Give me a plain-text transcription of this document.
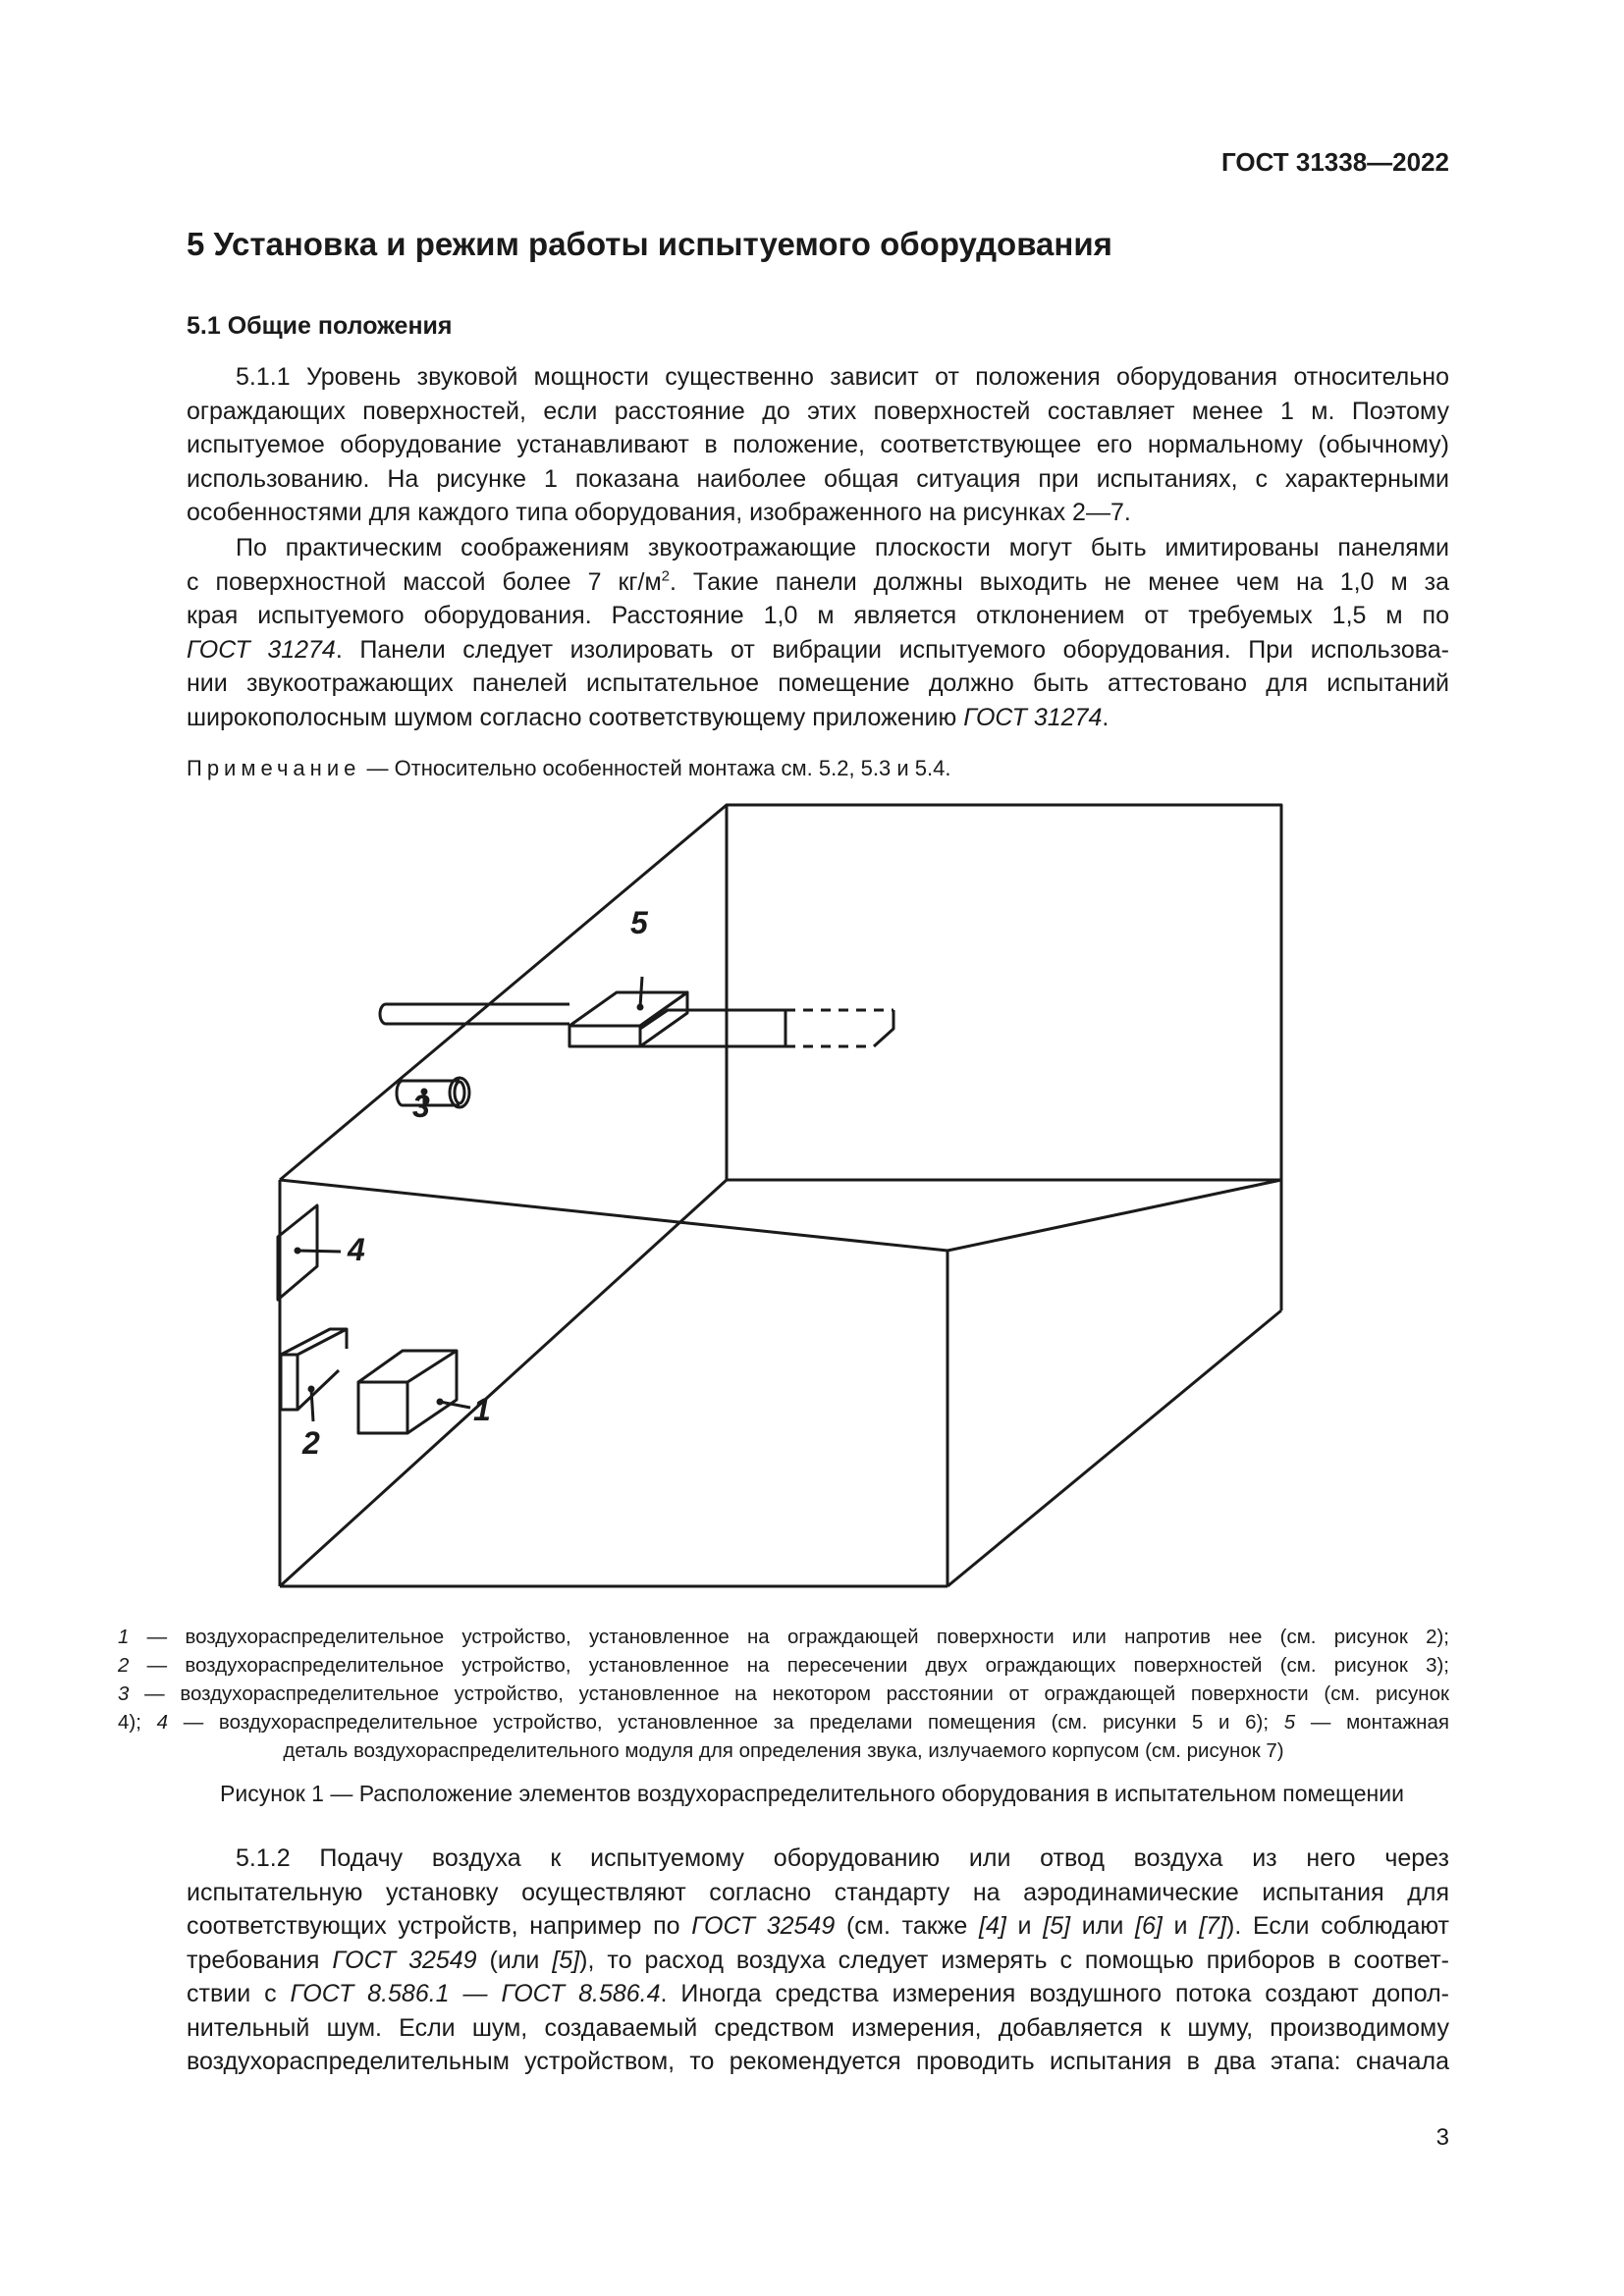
ГОСТ 31338—2022
5 Установка и режим работы испытуемого оборудования
5.1 Общие положения
5.1.1 Уровень звуковой мощности существенно зависит от положения оборудования относительно
ограждающих поверхностей, если расстояние до этих поверхностей составляет менее 1 м. Поэтому
испытуемое оборудование устанавливают в положение, соответствующее его нормальному (обычному)
использованию. На рисунке 1 показана наиболее общая ситуация при испытаниях, с характерными
особенностями для каждого типа оборудования, изображенного на рисунках 2—7.
По практическим соображениям звукоотражающие плоскости могут быть имитированы панелями
с поверхностной массой более 7 $кг/м^2$. Такие панели должны выходить не менее чем на 1,0 м за
края испытуемого оборудования. Расстояние 1,0 м является отклонением от требуемых 1,5 м по
ГОСТ 31274. Панели следует изолировать от вибрации испытуемого оборудования. При использова-
нии звукоотражающих панелей испытательное помещение должно быть аттестовано для испытаний
широкополосным шумом согласно соответствующему приложению ГОСТ 31274.
Примечание — Относительно особенностей монтажа см. 5.2, 5.3 и 5.4.
5
3
4
2
1
1 — воздухораспределительное устройство, установленное на ограждающей поверхности или напротив нее (см. рисунок 2);
2 — воздухораспределительное устройство, установленное на пересечении двух ограждающих поверхностей (см. рисунок 3);
3 — воздухораспределительное устройство, установленное на некотором расстоянии от ограждающей поверхности (см. рисунок
4); 4 — воздухораспределительное устройство, установленное за пределами помещения (см. рисунки 5 и 6); 5 — монтажная
деталь воздухораспределительного модуля для определения звука, излучаемого корпусом (см. рисунок 7)
Рисунок 1 — Расположение элементов воздухораспределительного оборудования в испытательном помещении
5.1.2 Подачу воздуха к испытуемому оборудованию или отвод воздуха из него через
испытательную установку осуществляют согласно стандарту на аэродинамические испытания для
соответствующих устройств, например по ГОСТ 32549 (см. также [4] и [5] или [6] и [7]). Если соблюдают
требования ГОСТ 32549 (или [5]), то расход воздуха следует измерять с помощью приборов в соответ-
ствии с ГОСТ 8.586.1 — ГОСТ 8.586.4. Иногда средства измерения воздушного потока создают допол-
нительный шум. Если шум, создаваемый средством измерения, добавляется к шуму, производимому
воздухораспределительным устройством, то рекомендуется проводить испытания в два этапа: сначала
3
